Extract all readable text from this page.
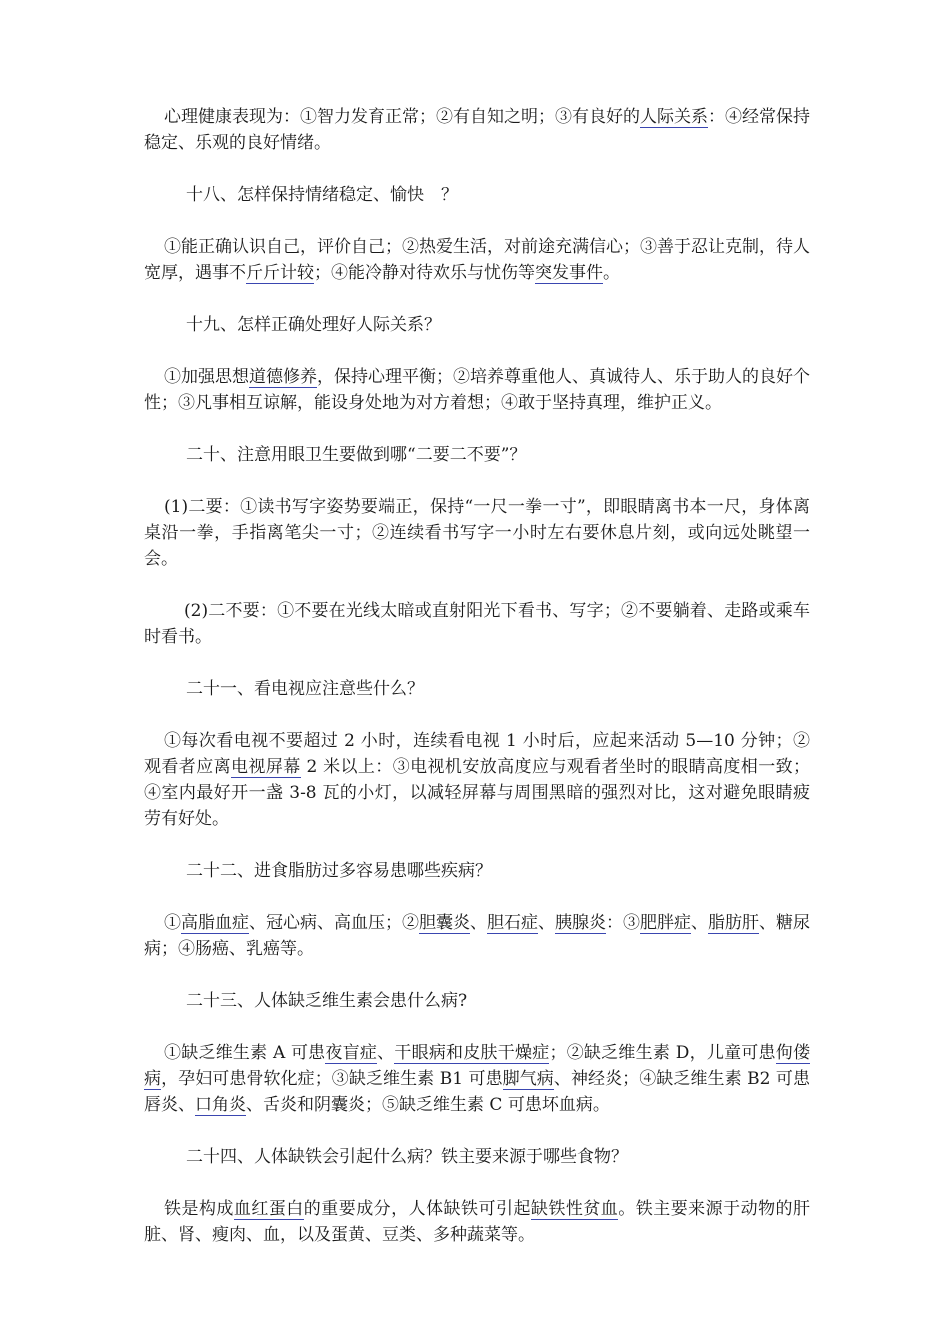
心理健康表现为：①智力发育正常；②有自知之明；③有良好的人际关系：④经常保持稳定、乐观的良好情绪。

十八、怎样保持情绪稳定、愉快　？

①能正确认识自己，评价自己；②热爱生活，对前途充满信心；③善于忍让克制，待人宽厚，遇事不斤斤计较；④能冷静对待欢乐与忧伤等突发事件。

十九、怎样正确处理好人际关系？

①加强思想道德修养，保持心理平衡；②培养尊重他人、真诚待人、乐于助人的良好个性；③凡事相互谅解，能设身处地为对方着想；④敢于坚持真理，维护正义。

二十、注意用眼卫生要做到哪“二要二不要”？

(1)二要：①读书写字姿势要端正，保持“一尺一拳一寸”，即眼睛离书本一尺，身体离桌沿一拳，手指离笔尖一寸；②连续看书写字一小时左右要休息片刻，或向远处眺望一会。

(2)二不要：①不要在光线太暗或直射阳光下看书、写字；②不要躺着、走路或乘车时看书。

二十一、看电视应注意些什么？

①每次看电视不要超过 2 小时，连续看电视 1 小时后，应起来活动 5—10 分钟；②观看者应离电视屏幕 2 米以上：③电视机安放高度应与观看者坐时的眼睛高度相一致；④室内最好开一盏 3-8 瓦的小灯，以减轻屏幕与周围黑暗的强烈对比，这对避免眼睛疲劳有好处。

二十二、进食脂肪过多容易患哪些疾病？

①高脂血症、冠心病、高血压；②胆囊炎、胆石症、胰腺炎：③肥胖症、脂肪肝、糖尿病；④肠癌、乳癌等。

二十三、人体缺乏维生素会患什么病?

①缺乏维生素 A 可患夜盲症、干眼病和皮肤干燥症；②缺乏维生素 D，儿童可患佝偻病，孕妇可患骨软化症；③缺乏维生素 B1 可患脚气病、神经炎；④缺乏维生素 B2 可患唇炎、口角炎、舌炎和阴囊炎；⑤缺乏维生素 C 可患坏血病。

二十四、人体缺铁会引起什么病？铁主要来源于哪些食物？

铁是构成血红蛋白的重要成分，人体缺铁可引起缺铁性贫血。铁主要来源于动物的肝脏、肾、瘦肉、血，以及蛋黄、豆类、多种蔬菜等。
